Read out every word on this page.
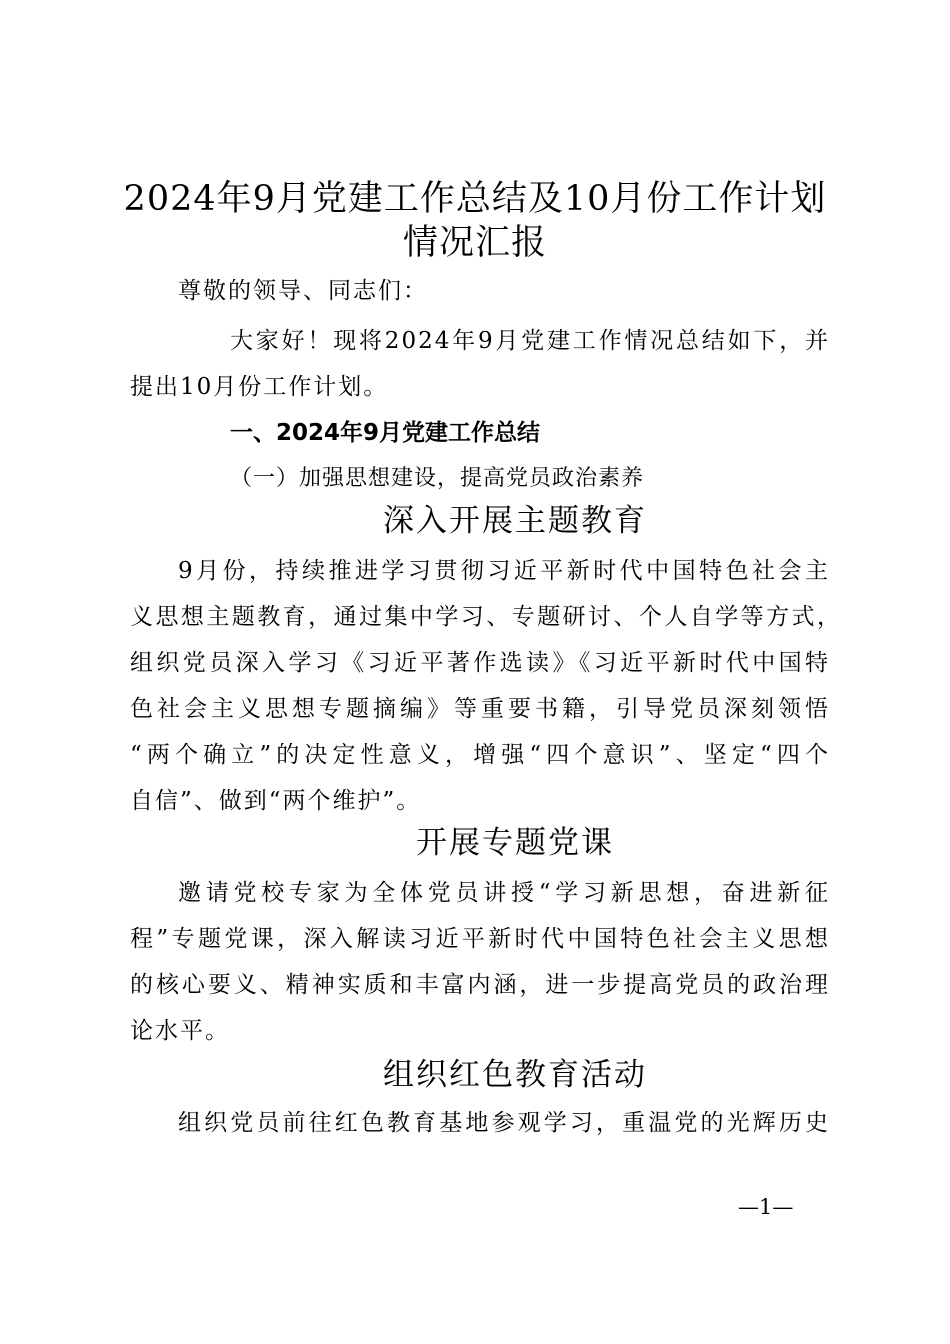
2024年9月党建工作总结及10月份工作计划
情况汇报
尊敬的领导、同志们：
大家好！现将2024年9月党建工作情况总结如下，并
提出10月份工作计划。
一、2024年9月党建工作总结
（一）加强思想建设，提高党员政治素养
深入开展主题教育
9月份，持续推进学习贯彻习近平新时代中国特色社会主
义思想主题教育，通过集中学习、专题研讨、个人自学等方式，
组织党员深入学习《习近平著作选读》《习近平新时代中国特
色社会主义思想专题摘编》等重要书籍，引导党员深刻领悟
“两个确立”的决定性意义，增强“四个意识”、坚定“四个
自信”、做到“两个维护”。
开展专题党课
邀请党校专家为全体党员讲授“学习新思想，奋进新征
程”专题党课，深入解读习近平新时代中国特色社会主义思想
的核心要义、精神实质和丰富内涵，进一步提高党员的政治理
论水平。
组织红色教育活动
组织党员前往红色教育基地参观学习，重温党的光辉历史
—1—
